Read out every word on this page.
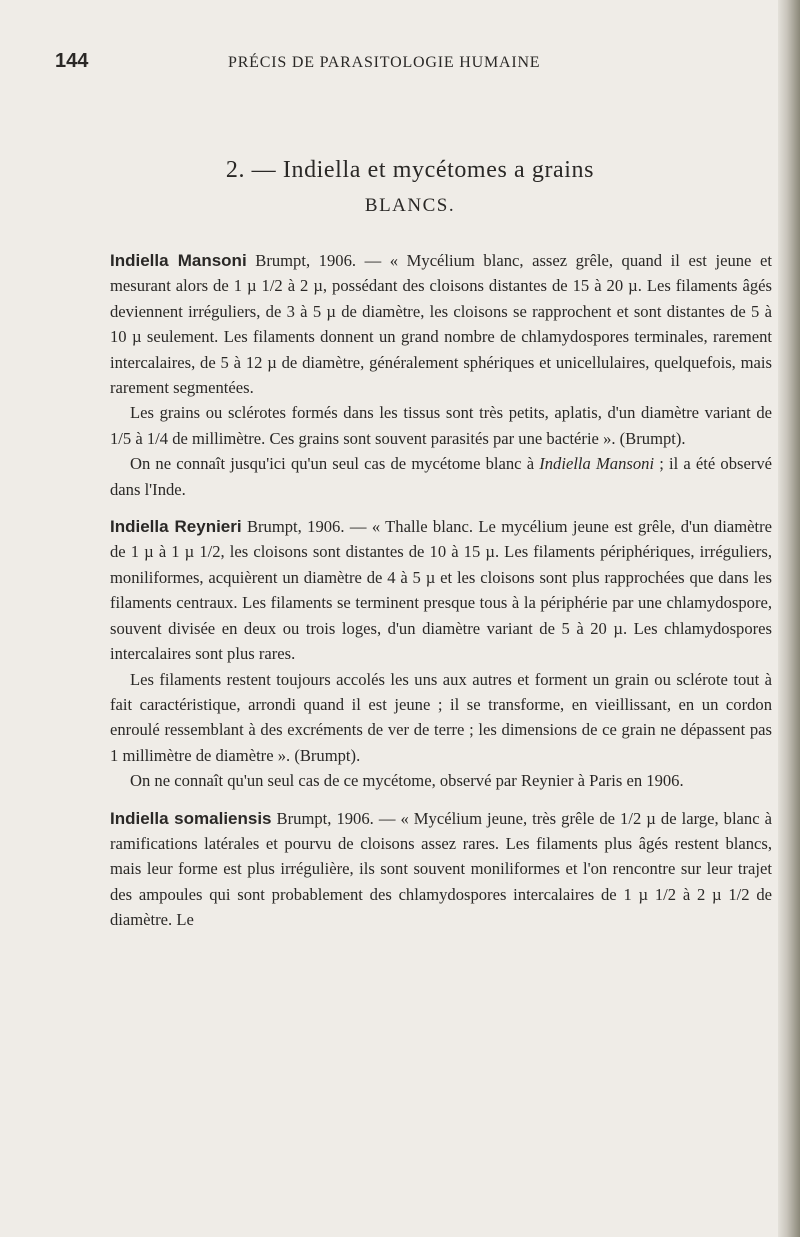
144	PRÉCIS DE PARASITOLOGIE HUMAINE
2. — Indiella et mycétomes a grains
BLANCS.

Indiella Mansoni Brumpt, 1906. — « Mycélium blanc, assez grêle, quand il est jeune et mesurant alors de 1 µ 1/2 à 2 µ, possédant des cloisons distantes de 15 à 20 µ. Les filaments âgés deviennent irréguliers, de 3 à 5 µ de diamètre, les cloisons se rapprochent et sont distantes de 5 à 10 µ seulement. Les filaments donnent un grand nombre de chlamydospores terminales, rarement intercalaires, de 5 à 12 µ de diamètre, généralement sphériques et unicellulaires, quelquefois, mais rarement segmentées.

Les grains ou sclérotes formés dans les tissus sont très petits, aplatis, d'un diamètre variant de 1/5 à 1/4 de millimètre. Ces grains sont souvent parasités par une bactérie ». (Brumpt).

On ne connaît jusqu'ici qu'un seul cas de mycétome blanc à Indiella Mansoni ; il a été observé dans l'Inde.

Indiella Reynieri Brumpt, 1906. — « Thalle blanc. Le mycélium jeune est grêle, d'un diamètre de 1 µ à 1 µ 1/2, les cloisons sont distantes de 10 à 15 µ. Les filaments périphériques, irréguliers, moniliformes, acquièrent un diamètre de 4 à 5 µ et les cloisons sont plus rapprochées que dans les filaments centraux. Les filaments se terminent presque tous à la périphérie par une chlamydospore, souvent divisée en deux ou trois loges, d'un diamètre variant de 5 à 20 µ. Les chlamydospores intercalaires sont plus rares.

Les filaments restent toujours accolés les uns aux autres et forment un grain ou sclérote tout à fait caractéristique, arrondi quand il est jeune ; il se transforme, en vieillissant, en un cordon enroulé ressemblant à des excréments de ver de terre ; les dimensions de ce grain ne dépassent pas 1 millimètre de diamètre ». (Brumpt).

On ne connaît qu'un seul cas de ce mycétome, observé par Reynier à Paris en 1906.

Indiella somaliensis Brumpt, 1906. — « Mycélium jeune, très grêle de 1/2 µ de large, blanc à ramifications latérales et pourvu de cloisons assez rares. Les filaments plus âgés restent blancs, mais leur forme est plus irrégulière, ils sont souvent moniliformes et l'on rencontre sur leur trajet des ampoules qui sont probablement des chlamydospores intercalaires de 1 µ 1/2 à 2 µ 1/2 de diamètre. Le
